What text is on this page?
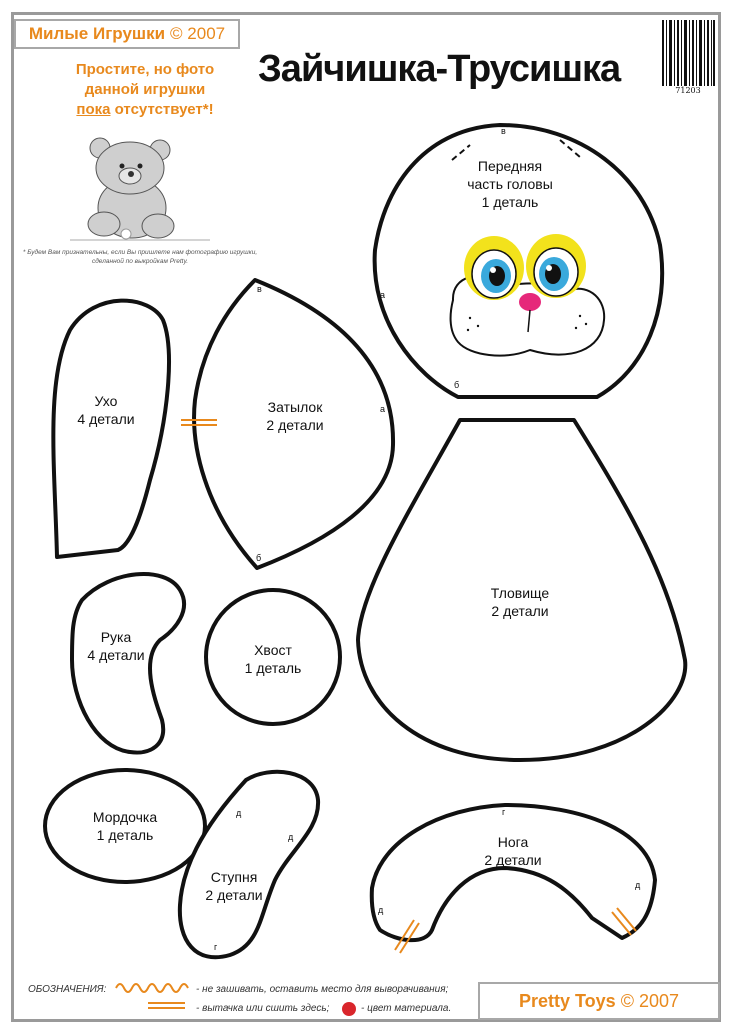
Милые Игрушки © 2007
Зайчишка-Трусишка
71203
Простите, но фото
данной игрушки
пока отсутствует*!
* Будем Вам признательны, если Вы пришлете нам фотографию игрушки,
сделанной по выкройкам Pretty.
Передняя
часть головы
1 деталь
Ухо
4 детали
Затылок
2 детали
Тловище
2 детали
Рука
4 детали	Хвост
1 деталь
Мордочка
1 деталь
Ступня
2 детали
Нога
2 детали
в
а
б
в
а
б
д
д
г
г
д
д
ОБОЗНАЧЕНИЯ:	- не зашивать, оставить место для выворачивания;
- вытачка или сшить здесь;	- цвет материала.	Pretty Toys © 2007
